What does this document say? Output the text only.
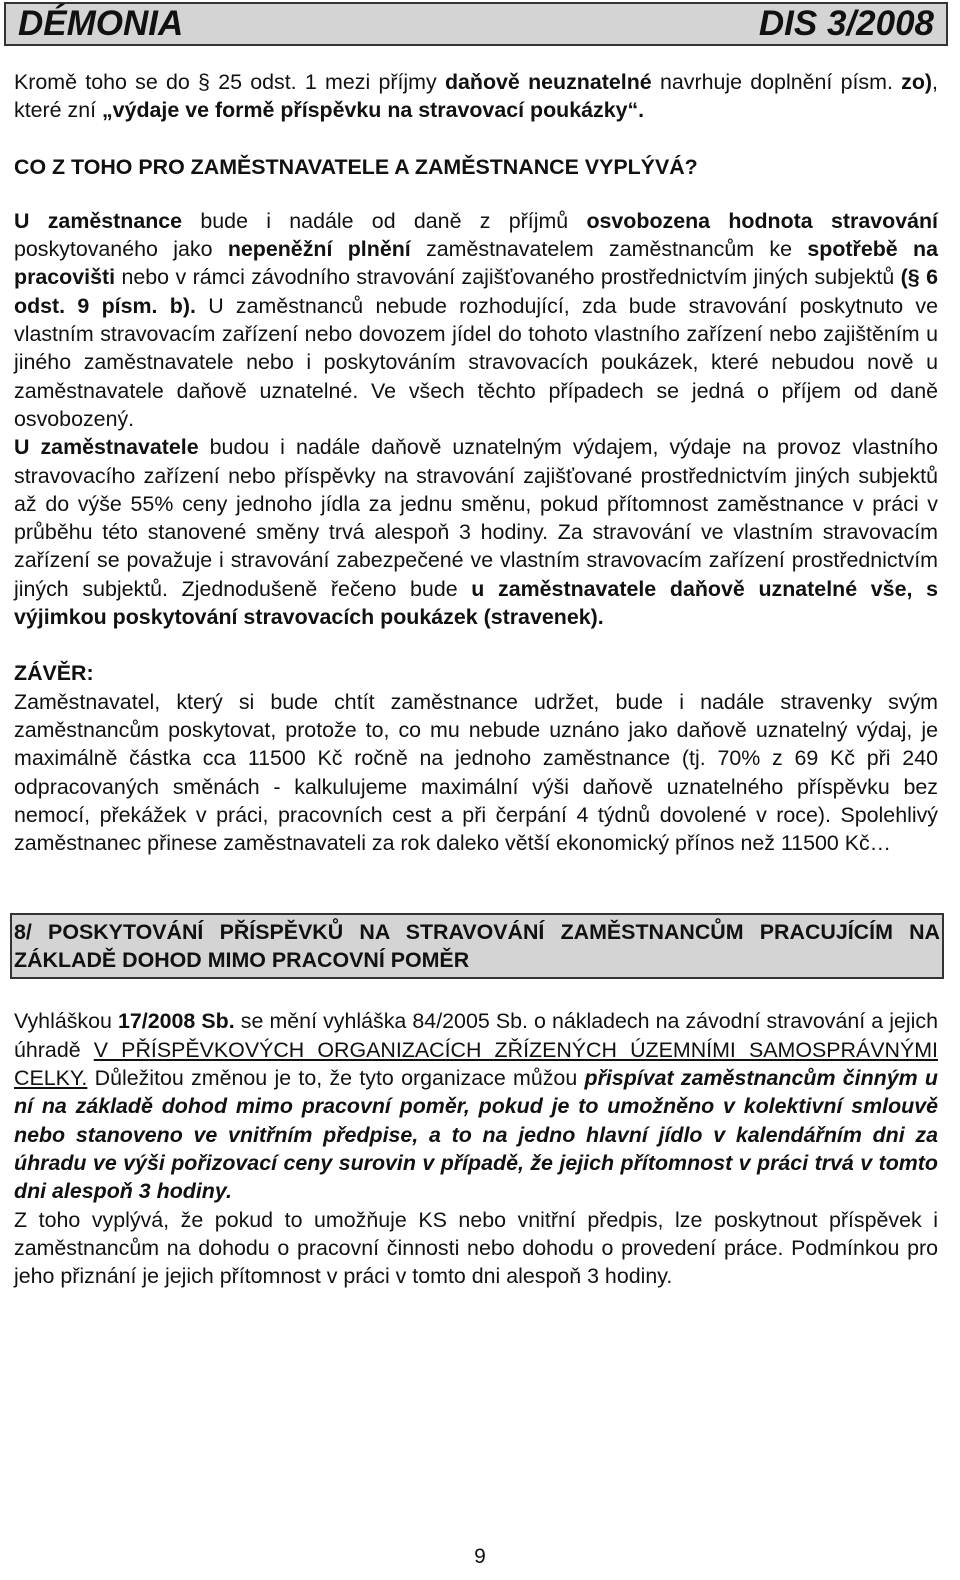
DÉMONIA	DIS 3/2008

Kromě toho se do § 25 odst. 1 mezi příjmy daňově neuznatelné navrhuje doplnění písm. zo), které zní „výdaje ve formě příspěvku na stravovací poukázky“.

CO Z TOHO PRO ZAMĚSTNAVATELE A ZAMĚSTNANCE VYPLÝVÁ?

U zaměstnance bude i nadále od daně z příjmů osvobozena hodnota stravování poskytovaného jako nepeněžní plnění zaměstnavatelem zaměstnancům ke spotřebě na pracovišti nebo v rámci závodního stravování zajišťovaného prostřednictvím jiných subjektů (§ 6 odst. 9 písm. b). U zaměstnanců nebude rozhodující, zda bude stravování poskytnuto ve vlastním stravovacím zařízení nebo dovozem jídel do tohoto vlastního zařízení nebo zajištěním u jiného zaměstnavatele nebo i poskytováním stravovacích poukázek, které nebudou nově u zaměstnavatele daňově uznatelné. Ve všech těchto případech se jedná o příjem od daně osvobozený.

U zaměstnavatele budou i nadále daňově uznatelným výdajem, výdaje na provoz vlastního stravovacího zařízení nebo příspěvky na stravování zajišťované prostřednictvím jiných subjektů až do výše 55% ceny jednoho jídla za jednu směnu, pokud přítomnost zaměstnance v práci v průběhu této stanovené směny trvá alespoň 3 hodiny. Za stravování ve vlastním stravovacím zařízení se považuje i stravování zabezpečené ve vlastním stravovacím zařízení prostřednictvím jiných subjektů. Zjednodušeně řečeno bude u zaměstnavatele daňově uznatelné vše, s výjimkou poskytování stravovacích poukázek (stravenek).

ZÁVĚR:

Zaměstnavatel, který si bude chtít zaměstnance udržet, bude i nadále stravenky svým zaměstnancům poskytovat, protože to, co mu nebude uznáno jako daňově uznatelný výdaj, je maximálně částka cca 11500 Kč ročně na jednoho zaměstnance (tj. 70% z 69 Kč při 240 odpracovaných směnách - kalkulujeme maximální výši daňově uznatelného příspěvku bez nemocí, překážek v práci, pracovních cest a při čerpání 4 týdnů dovolené v roce). Spolehlivý zaměstnanec přinese zaměstnavateli za rok daleko větší ekonomický přínos než 11500 Kč…

8/ POSKYTOVÁNÍ PŘÍSPĚVKŮ NA STRAVOVÁNÍ ZAMĚSTNANCŮM PRACUJÍCÍM NA ZÁKLADĚ DOHOD MIMO PRACOVNÍ POMĚR

Vyhláškou 17/2008 Sb. se mění vyhláška 84/2005 Sb. o nákladech na závodní stravování a jejich úhradě V PŘÍSPĚVKOVÝCH ORGANIZACÍCH ZŘÍZENÝCH ÚZEMNÍMI SAMOSPRÁVNÝMI CELKY. Důležitou změnou je to, že tyto organizace můžou přispívat zaměstnancům činným u ní na základě dohod mimo pracovní poměr, pokud je to umožněno v kolektivní smlouvě nebo stanoveno ve vnitřním předpise, a to na jedno hlavní jídlo v kalendářním dni za úhradu ve výši pořizovací ceny surovin v případě, že jejich přítomnost v práci trvá v tomto dni alespoň 3 hodiny.

Z toho vyplývá, že pokud to umožňuje KS nebo vnitřní předpis, lze poskytnout příspěvek i zaměstnancům na dohodu o pracovní činnosti nebo dohodu o provedení práce. Podmínkou pro jeho přiznání je jejich přítomnost v práci v tomto dni alespoň 3 hodiny.

9
